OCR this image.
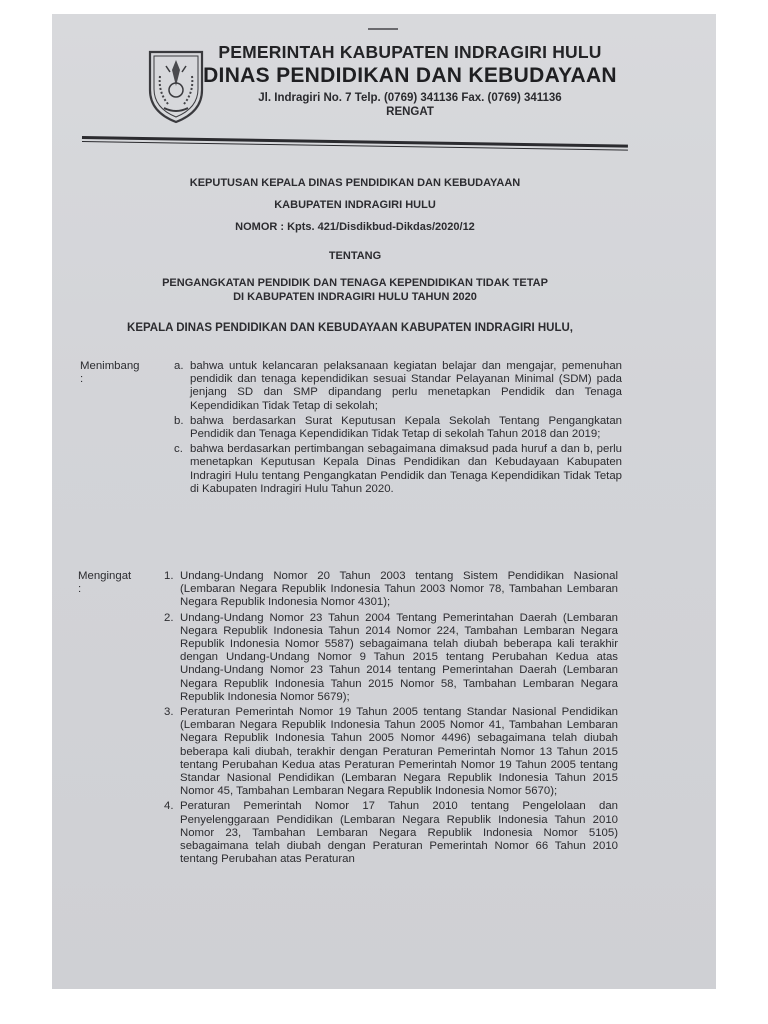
PEMERINTAH KABUPATEN INDRAGIRI HULU
DINAS PENDIDIKAN DAN KEBUDAYAAN
Jl. Indragiri No. 7 Telp. (0769) 341136 Fax. (0769) 341136
RENGAT
KEPUTUSAN KEPALA DINAS PENDIDIKAN DAN KEBUDAYAAN
KABUPATEN INDRAGIRI HULU
NOMOR : Kpts. 421/Disdikbud-Dikdas/2020/12
TENTANG
PENGANGKATAN PENDIDIK DAN TENAGA KEPENDIDIKAN TIDAK TETAP
DI KABUPATEN INDRAGIRI HULU TAHUN 2020
KEPALA DINAS PENDIDIKAN DAN KEBUDAYAAN KABUPATEN INDRAGIRI HULU,
Menimbang :
a. bahwa untuk kelancaran pelaksanaan kegiatan belajar dan mengajar, pemenuhan pendidik dan tenaga kependidikan sesuai Standar Pelayanan Minimal (SDM) pada jenjang SD dan SMP dipandang perlu menetapkan Pendidik dan Tenaga Kependidikan Tidak Tetap di sekolah;
b. bahwa berdasarkan Surat Keputusan Kepala Sekolah Tentang Pengangkatan Pendidik dan Tenaga Kependidikan Tidak Tetap di sekolah Tahun 2018 dan 2019;
c. bahwa berdasarkan pertimbangan sebagaimana dimaksud pada huruf a dan b, perlu menetapkan Keputusan Kepala Dinas Pendidikan dan Kebudayaan Kabupaten Indragiri Hulu tentang Pengangkatan Pendidik dan Tenaga Kependidikan Tidak Tetap di Kabupaten Indragiri Hulu Tahun 2020.
Mengingat :
1. Undang-Undang Nomor 20 Tahun 2003 tentang Sistem Pendidikan Nasional (Lembaran Negara Republik Indonesia Tahun 2003 Nomor 78, Tambahan Lembaran Negara Republik Indonesia Nomor 4301);
2. Undang-Undang Nomor 23 Tahun 2004 Tentang Pemerintahan Daerah (Lembaran Negara Republik Indonesia Tahun 2014 Nomor 224, Tambahan Lembaran Negara Republik Indonesia Nomor 5587) sebagaimana telah diubah beberapa kali terakhir dengan Undang-Undang Nomor 9 Tahun 2015 tentang Perubahan Kedua atas Undang-Undang Nomor 23 Tahun 2014 tentang Pemerintahan Daerah (Lembaran Negara Republik Indonesia Tahun 2015 Nomor 58, Tambahan Lembaran Negara Republik Indonesia Nomor 5679);
3. Peraturan Pemerintah Nomor 19 Tahun 2005 tentang Standar Nasional Pendidikan (Lembaran Negara Republik Indonesia Tahun 2005 Nomor 41, Tambahan Lembaran Negara Republik Indonesia Tahun 2005 Nomor 4496) sebagaimana telah diubah beberapa kali diubah, terakhir dengan Peraturan Pemerintah Nomor 13 Tahun 2015 tentang Perubahan Kedua atas Peraturan Pemerintah Nomor 19 Tahun 2005 tentang Standar Nasional Pendidikan (Lembaran Negara Republik Indonesia Tahun 2015 Nomor 45, Tambahan Lembaran Negara Republik Indonesia Nomor 5670);
4. Peraturan Pemerintah Nomor 17 Tahun 2010 tentang Pengelolaan dan Penyelenggaraan Pendidikan (Lembaran Negara Republik Indonesia Tahun 2010 Nomor 23, Tambahan Lembaran Negara Republik Indonesia Nomor 5105) sebagaimana telah diubah dengan Peraturan Pemerintah Nomor 66 Tahun 2010 tentang Perubahan atas Peraturan
